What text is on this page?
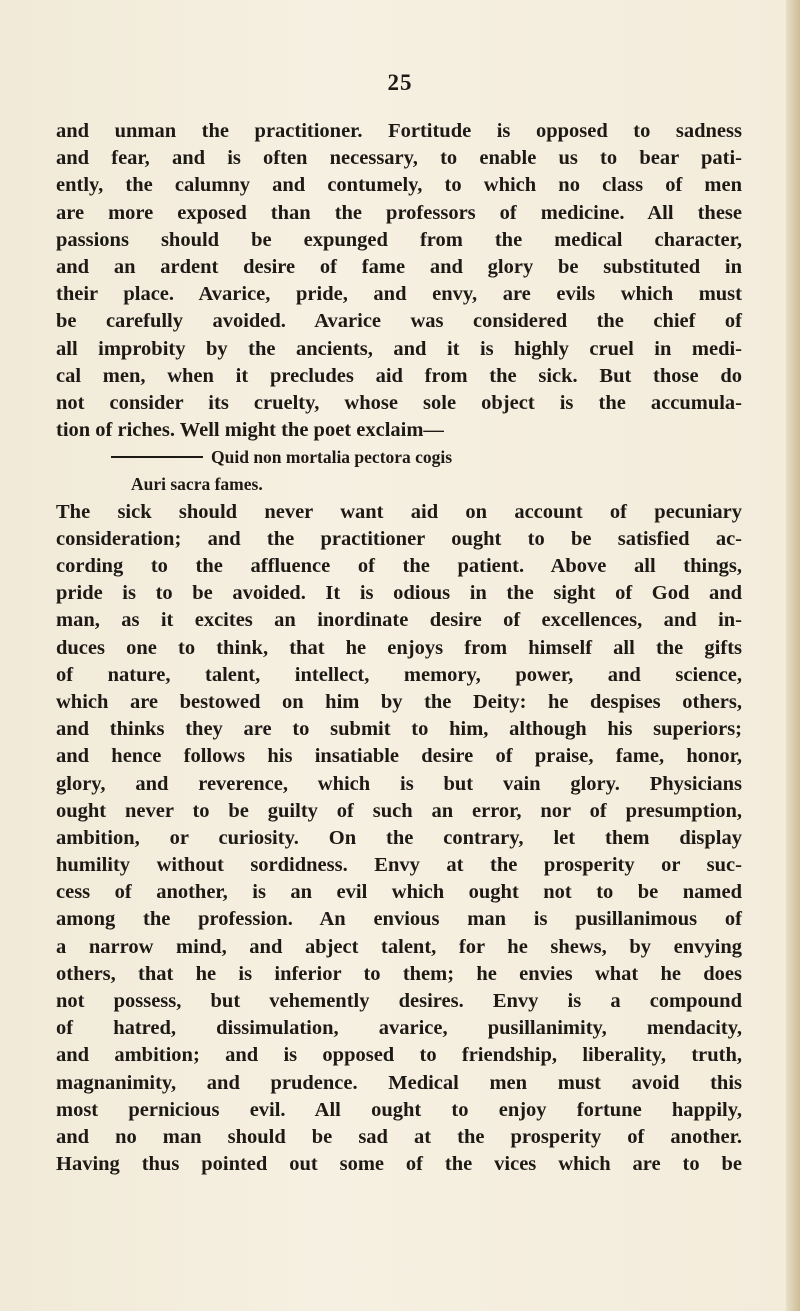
25
and unman the practitioner. Fortitude is opposed to sadness
and fear, and is often necessary, to enable us to bear pati-
ently, the calumny and contumely, to which no class of men
are more exposed than the professors of medicine. All these
passions should be expunged from the medical character,
and an ardent desire of fame and glory be substituted in
their place. Avarice, pride, and envy, are evils which must
be carefully avoided. Avarice was considered the chief of
all improbity by the ancients, and it is highly cruel in medi-
cal men, when it precludes aid from the sick. But those do
not consider its cruelty, whose sole object is the accumula-
tion of riches. Well might the poet exclaim—
Quid non mortalia pectora cogis
Auri sacra fames.
The sick should never want aid on account of pecuniary
consideration; and the practitioner ought to be satisfied ac-
cording to the affluence of the patient. Above all things,
pride is to be avoided. It is odious in the sight of God and
man, as it excites an inordinate desire of excellences, and in-
duces one to think, that he enjoys from himself all the gifts
of nature, talent, intellect, memory, power, and science,
which are bestowed on him by the Deity: he despises others,
and thinks they are to submit to him, although his superiors;
and hence follows his insatiable desire of praise, fame, honor,
glory, and reverence, which is but vain glory. Physicians
ought never to be guilty of such an error, nor of presumption,
ambition, or curiosity. On the contrary, let them display
humility without sordidness. Envy at the prosperity or suc-
cess of another, is an evil which ought not to be named
among the profession. An envious man is pusillanimous of
a narrow mind, and abject talent, for he shews, by envying
others, that he is inferior to them; he envies what he does
not possess, but vehemently desires. Envy is a compound
of hatred, dissimulation, avarice, pusillanimity, mendacity,
and ambition; and is opposed to friendship, liberality, truth,
magnanimity, and prudence. Medical men must avoid this
most pernicious evil. All ought to enjoy fortune happily,
and no man should be sad at the prosperity of another.
Having thus pointed out some of the vices which are to be
